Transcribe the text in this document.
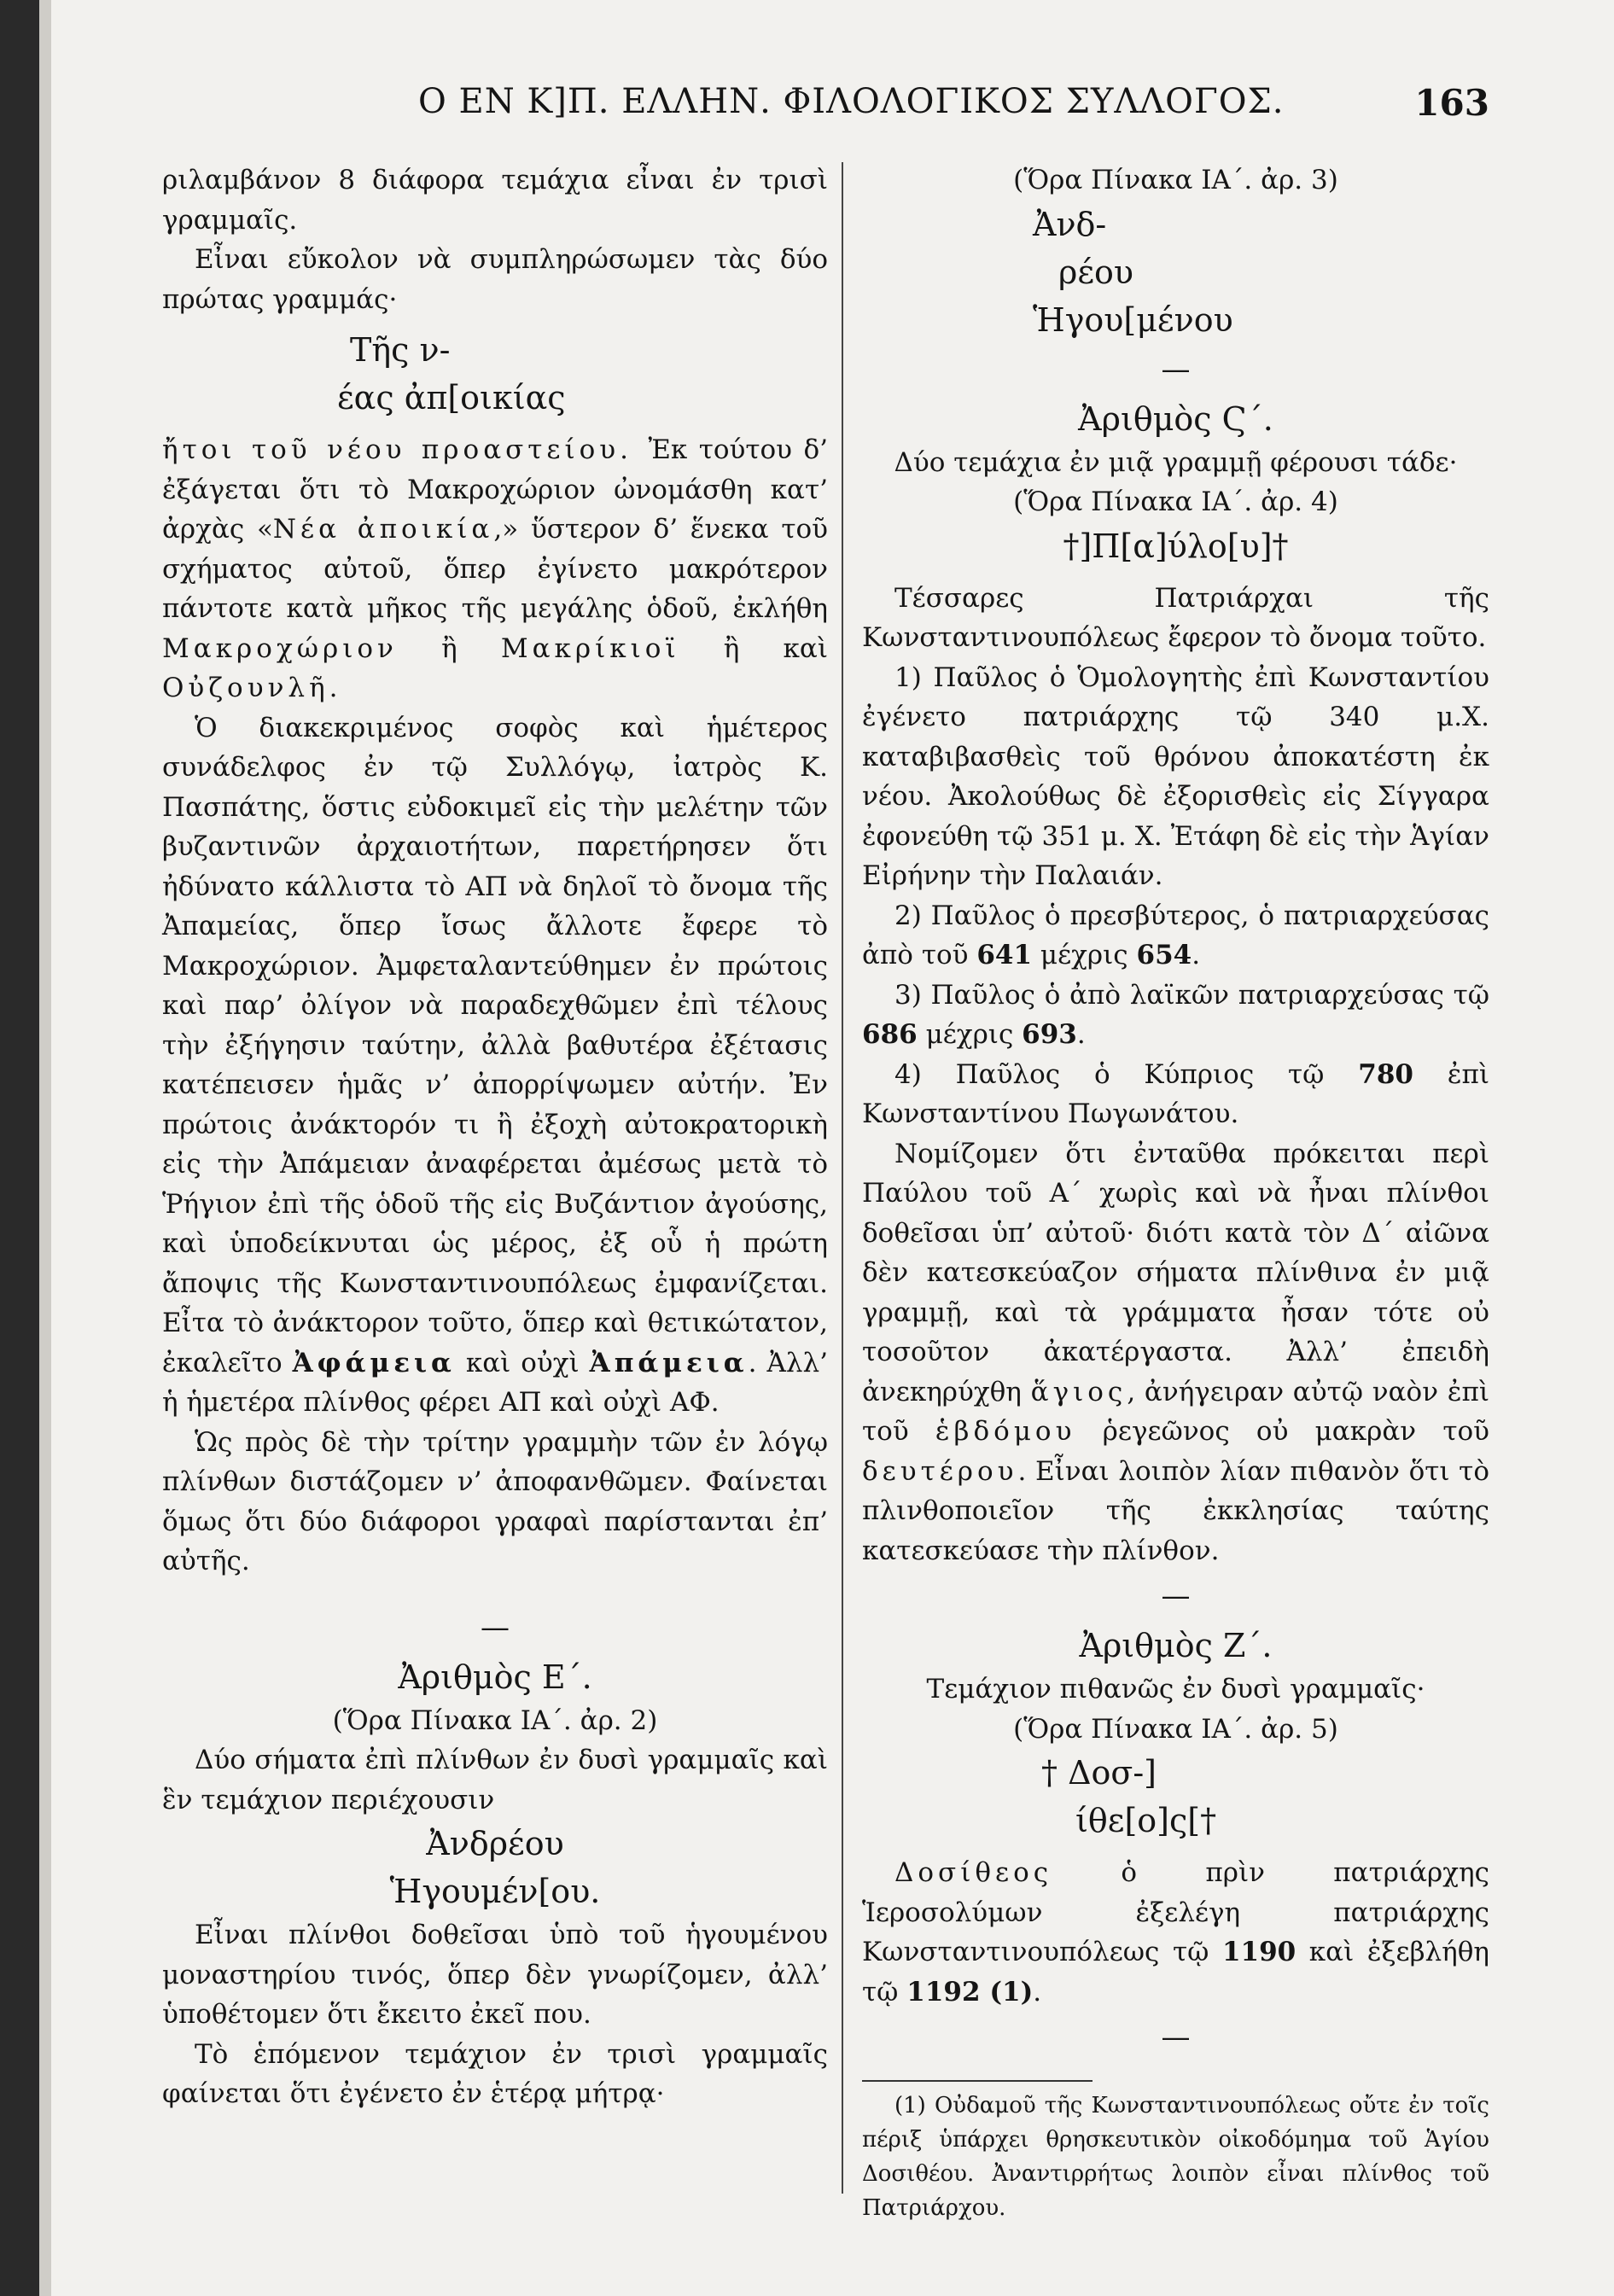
Ο ΕΝ Κ]Π. ΕΛΛΗΝ. ΦΙΛΟΛΟΓΙΚΟΣ ΣΥΛΛΟΓΟΣ.	163

ριλαμβάνον 8 διάφορα τεμάχια εἶναι ἐν τρισὶ γραμμαῖς.

Εἶναι εὔκολον νὰ συμπληρώσωμεν τὰς δύο πρώτας γραμμάς·

Τῆς ν-

έας ἀπ[οικίας

ἤτοι τοῦ νέου προαστείου. Ἐκ τούτου δ’ ἐξάγεται ὅτι τὸ Μακροχώριον ὠνομάσθη κατ’ ἀρχὰς «Νέα ἀποικία,» ὕστερον δ’ ἕνεκα τοῦ σχήματος αὐτοῦ, ὅπερ ἐγίνετο μακρότερον πάντοτε κατὰ μῆκος τῆς μεγάλης ὁδοῦ, ἐκλήθη Μακροχώριον ἢ Μακρίκιοϊ ἢ καὶ Οὐζουνλῆ.

Ὁ διακεκριμένος σοφὸς καὶ ἡμέτερος συνάδελφος ἐν τῷ Συλλόγῳ, ἰατρὸς Κ. Πασπάτης, ὅστις εὐδοκιμεῖ εἰς τὴν μελέτην τῶν βυζαντινῶν ἀρχαιοτήτων, παρετήρησεν ὅτι ἠδύνατο κάλλιστα τὸ ΑΠ νὰ δηλοῖ τὸ ὄνομα τῆς Ἀπαμείας, ὅπερ ἴσως ἄλλοτε ἔφερε τὸ Μακροχώριον. Ἀμφεταλαντεύθημεν ἐν πρώτοις καὶ παρ’ ὀλίγον νὰ παραδεχθῶμεν ἐπὶ τέλους τὴν ἐξήγησιν ταύτην, ἀλλὰ βαθυτέρα ἐξέτασις κατέπεισεν ἡμᾶς ν’ ἀπορρίψωμεν αὐτήν. Ἐν πρώτοις ἀνάκτορόν τι ἢ ἐξοχὴ αὐτοκρατορικὴ εἰς τὴν Ἀπάμειαν ἀναφέρεται ἀμέσως μετὰ τὸ Ῥήγιον ἐπὶ τῆς ὁδοῦ τῆς εἰς Βυζάντιον ἀγούσης, καὶ ὑποδείκνυται ὡς μέρος, ἐξ οὗ ἡ πρώτη ἄποψις τῆς Κωνσταντινουπόλεως ἐμφανίζεται. Εἶτα τὸ ἀνάκτορον τοῦτο, ὅπερ καὶ θετικώτατον, ἐκαλεῖτο Ἀφάμεια καὶ οὐχὶ Ἀπάμεια. Ἀλλ’ ἡ ἡμετέρα πλίνθος φέρει ΑΠ καὶ οὐχὶ ΑΦ.

Ὡς πρὸς δὲ τὴν τρίτην γραμμὴν τῶν ἐν λόγῳ πλίνθων διστάζομεν ν’ ἀποφανθῶμεν. Φαίνεται ὅμως ὅτι δύο διάφοροι γραφαὶ παρίστανται ἐπ’ αὐτῆς.

—

Ἀριθμὸς Ε΄.

(Ὅρα Πίνακα ΙΑ΄. ἀρ. 2)

Δύο σήματα ἐπὶ πλίνθων ἐν δυσὶ γραμμαῖς καὶ ἓν τεμάχιον περιέχουσιν

Ἀνδρέου

Ἡγουμέν[ου.

Εἶναι πλίνθοι δοθεῖσαι ὑπὸ τοῦ ἡγουμένου μοναστηρίου τινός, ὅπερ δὲν γνωρίζομεν, ἀλλ’ ὑποθέτομεν ὅτι ἔκειτο ἐκεῖ που.

Τὸ ἑπόμενον τεμάχιον ἐν τρισὶ γραμμαῖς φαίνεται ὅτι ἐγένετο ἐν ἑτέρᾳ μήτρᾳ·

(Ὅρα Πίνακα ΙΑ΄. ἀρ. 3)

Ἀνδ-

ρέου

Ἡγου[μένου

—

Ἀριθμὸς Ϛ΄.

Δύο τεμάχια ἐν μιᾷ γραμμῇ φέρουσι τάδε·

(Ὅρα Πίνακα ΙΑ΄. ἀρ. 4)

†]Π[α]ύλο[υ]†

Τέσσαρες Πατριάρχαι τῆς Κωνσταντινουπόλεως ἔφερον τὸ ὄνομα τοῦτο.

1) Παῦλος ὁ Ὁμολογητὴς ἐπὶ Κωνσταντίου ἐγένετο πατριάρχης τῷ 340 μ.Χ. καταβιβασθεὶς τοῦ θρόνου ἀποκατέστη ἐκ νέου. Ἀκολούθως δὲ ἐξορισθεὶς εἰς Σίγγαρα ἐφονεύθη τῷ 351 μ. Χ. Ἐτάφη δὲ εἰς τὴν Ἁγίαν Εἰρήνην τὴν Παλαιάν.

2) Παῦλος ὁ πρεσβύτερος, ὁ πατριαρχεύσας ἀπὸ τοῦ 641 μέχρις 654.

3) Παῦλος ὁ ἀπὸ λαϊκῶν πατριαρχεύσας τῷ 686 μέχρις 693.

4) Παῦλος ὁ Κύπριος τῷ 780 ἐπὶ Κωνσταντίνου Πωγωνάτου.

Νομίζομεν ὅτι ἐνταῦθα πρόκειται περὶ Παύλου τοῦ Α΄ χωρὶς καὶ νὰ ἦναι πλίνθοι δοθεῖσαι ὑπ’ αὐτοῦ· διότι κατὰ τὸν Δ΄ αἰῶνα δὲν κατεσκεύαζον σήματα πλίνθινα ἐν μιᾷ γραμμῇ, καὶ τὰ γράμματα ἦσαν τότε οὐ τοσοῦτον ἀκατέργαστα. Ἀλλ’ ἐπειδὴ ἀνεκηρύχθη ἅγιος, ἀνήγειραν αὐτῷ ναὸν ἐπὶ τοῦ ἑβδόμου ῥεγεῶνος οὐ μακρὰν τοῦ δευτέρου. Εἶναι λοιπὸν λίαν πιθανὸν ὅτι τὸ πλινθοποιεῖον τῆς ἐκκλησίας ταύτης κατεσκεύασε τὴν πλίνθον.

—

Ἀριθμὸς Ζ΄.

Τεμάχιον πιθανῶς ἐν δυσὶ γραμμαῖς·

(Ὅρα Πίνακα ΙΑ΄. ἀρ. 5)

† Δοσ-]

ίθε[ο]ς[†

Δοσίθεος ὁ πρὶν πατριάρχης Ἱεροσολύμων ἐξελέγη πατριάρχης Κωνσταντινουπόλεως τῷ 1190 καὶ ἐξεβλήθη τῷ 1192 (1).

—

(1) Οὐδαμοῦ τῆς Κωνσταντινουπόλεως οὔτε ἐν τοῖς πέριξ ὑπάρχει θρησκευτικὸν οἰκοδόμημα τοῦ Ἁγίου Δοσιθέου. Ἀναντιρρήτως λοιπὸν εἶναι πλίνθος τοῦ Πατριάρχου.
